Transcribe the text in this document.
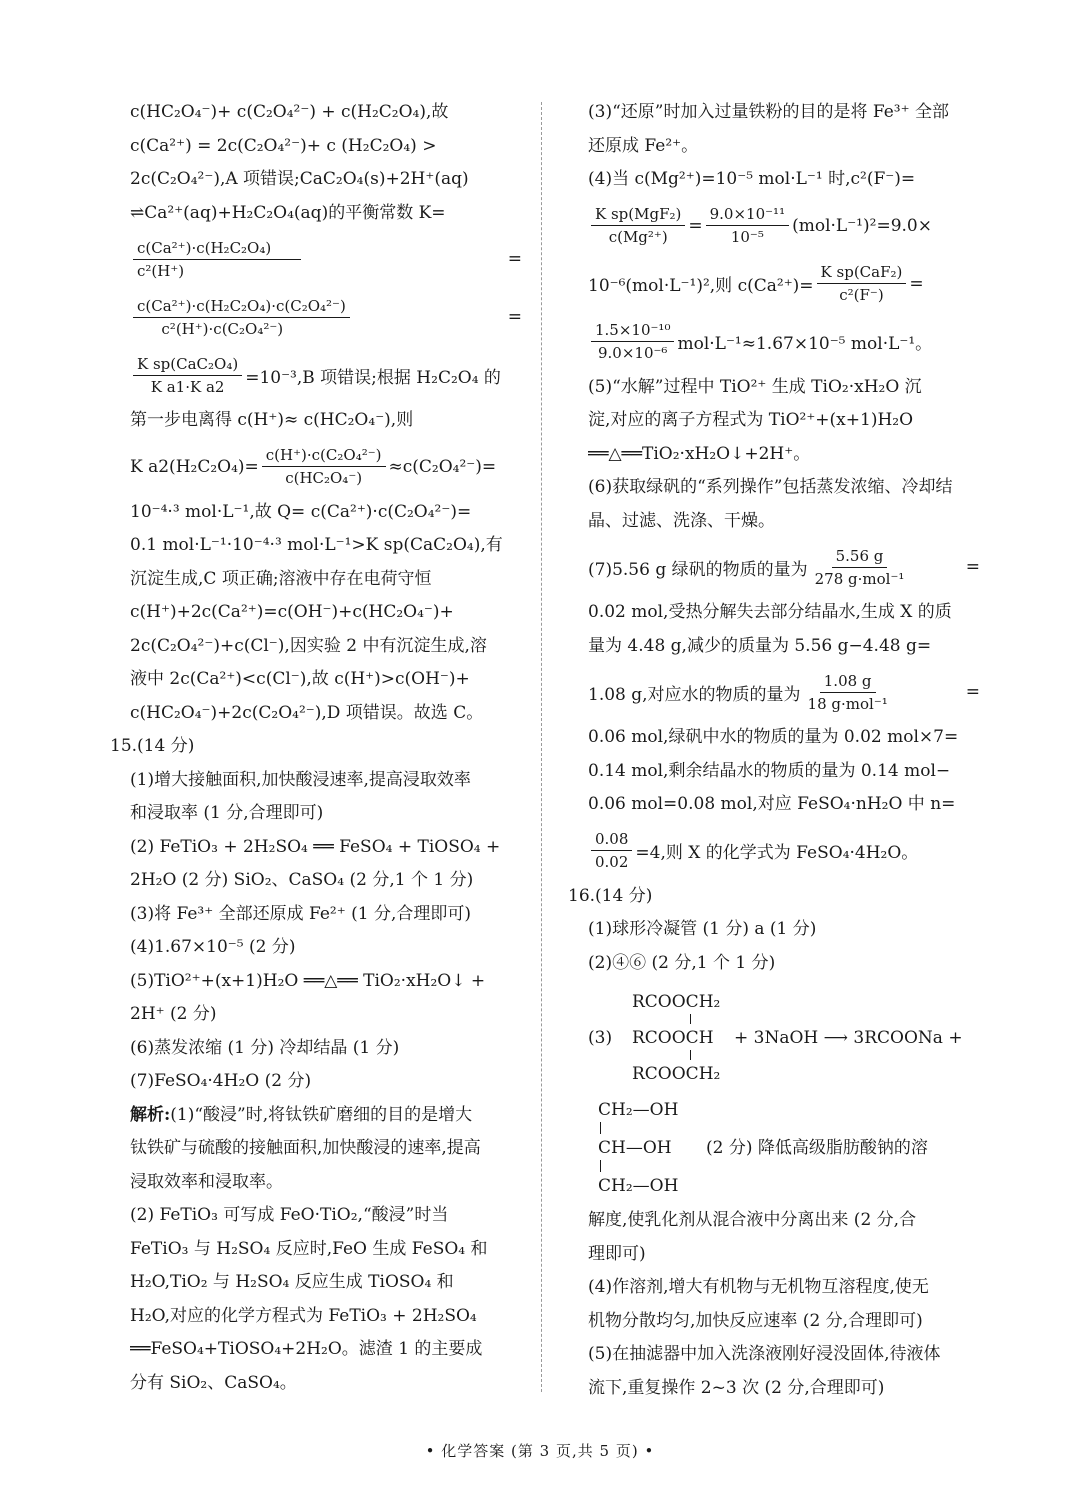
c(HC₂O₄⁻)+ c(C₂O₄²⁻) + c(H₂C₂O₄),故
c(Ca²⁺) = 2c(C₂O₄²⁻)+ c (H₂C₂O₄) >
2c(C₂O₄²⁻),A 项错误;CaC₂O₄(s)+2H⁺(aq)
⇌Ca²⁺(aq)+H₂C₂O₄(aq)的平衡常数 K=
$\frac{\text{c(Ca²⁺)·c(H₂C₂O₄)}}{\text{c²(H⁺)}}$	=
$\frac{\text{c(Ca²⁺)·c(H₂C₂O₄)·c(C₂O₄²⁻)}}{\text{c²(H⁺)·c(C₂O₄²⁻)}}$	=
$\frac{\text{K sp(CaC₂O₄)}}{\text{K a1·K a2}} =10^{-3},B$ 项错误;根据 H₂C₂O₄ 的
第一步电离得 c(H⁺)≈ c(HC₂O₄⁻),则
K $a2(H_2C_2O_4)= \frac{\text{c(H⁺)·c(C₂O₄²⁻)}}{\text{c(HC₂O₄⁻)}} \approx c(C_2O_4^{2-})=$
10⁻⁴·³ mol·L⁻¹,故 Q= c(Ca²⁺)·c(C₂O₄²⁻)=
0.1 mol·L⁻¹·10⁻⁴·³ mol·L⁻¹>K sp(CaC₂O₄),有
沉淀生成,C 项正确;溶液中存在电荷守恒
c(H⁺)+2c(Ca²⁺)=c(OH⁻)+c(HC₂O₄⁻)+
2c(C₂O₄²⁻)+c(Cl⁻),因实验 2 中有沉淀生成,溶
液中 2c(Ca²⁺)<c(Cl⁻),故 c(H⁺)>c(OH⁻)+
c(HC₂O₄⁻)+2c(C₂O₄²⁻),D 项错误。故选 C。
15.(14 分)
(1)增大接触面积,加快酸浸速率,提高浸取效率
和浸取率 (1 分,合理即可)
(2) FeTiO₃ + 2H₂SO₄ ══ FeSO₄ + TiOSO₄ +
2H₂O (2 分) SiO₂、CaSO₄ (2 分,1 个 1 分)
(3)将 Fe³⁺ 全部还原成 Fe²⁺ (1 分,合理即可)
(4)1.67×10⁻⁵ (2 分)
(5)TiO²⁺+(x+1)H₂O ══△══ TiO₂·xH₂O↓ +
2H⁺ (2 分)
(6)蒸发浓缩 (1 分) 冷却结晶 (1 分)
(7)FeSO₄·4H₂O (2 分)
解析:(1)“酸浸”时,将钛铁矿磨细的目的是增大
钛铁矿与硫酸的接触面积,加快酸浸的速率,提高
浸取效率和浸取率。
(2) FeTiO₃ 可写成 FeO·TiO₂,“酸浸”时当
FeTiO₃ 与 H₂SO₄ 反应时,FeO 生成 FeSO₄ 和
H₂O,TiO₂ 与 H₂SO₄ 反应生成 TiOSO₄ 和
H₂O,对应的化学方程式为 FeTiO₃ + 2H₂SO₄
══FeSO₄+TiOSO₄+2H₂O。滤渣 1 的主要成
分有 SiO₂、CaSO₄。
(3)“还原”时加入过量铁粉的目的是将 Fe³⁺ 全部
还原成 Fe²⁺。
(4)当 c(Mg²⁺)=10⁻⁵ mol·L⁻¹ 时,c²(F⁻)=
$\frac{\text{K sp(MgF₂)}}{\text{c(Mg²⁺)}} = \frac{\text{9.0×10⁻¹¹}}{\text{10⁻⁵}} (mol\cdot L^{-1})^2=9.0\times$
10⁻⁶(mol·L⁻¹)²,则 $c(Ca^{2+})= \frac{\text{K sp(CaF₂)}}{\text{c²(F⁻)}}$ =
$\frac{\text{1.5×10⁻¹⁰}}{\text{9.0×10⁻⁶}} mol\cdot L^{-1}\approx 1.67\times 10^{-5}$ mol·L⁻¹。
(5)“水解”过程中 TiO²⁺ 生成 TiO₂·xH₂O 沉
淀,对应的离子方程式为 TiO²⁺+(x+1)H₂O
══△══TiO₂·xH₂O↓+2H⁺。
(6)获取绿矾的“系列操作”包括蒸发浓缩、冷却结
晶、过滤、洗涤、干燥。
(7)5.56 g 绿矾的物质的量为 $\frac{5.56 g}{\text{278 g·mol⁻¹}}$	=
0.02 mol,受热分解失去部分结晶水,生成 X 的质
量为 4.48 g,减少的质量为 5.56 g−4.48 g=
1.08 g,对应水的物质的量为 $\frac{1.08 g}{\text{18 g·mol⁻¹}}$	=
0.06 mol,绿矾中水的物质的量为 0.02 mol×7=
0.14 mol,剩余结晶水的物质的量为 0.14 mol−
0.06 mol=0.08 mol,对应 FeSO₄·nH₂O 中 n=
$\frac{0.08}{0.02} =4$,则 X 的化学式为 FeSO₄·4H₂O。
16.(14 分)
(1)球形冷凝管 (1 分) a (1 分)
(2)④⑥ (2 分,1 个 1 分)
RCOOCH₂
(3) RCOOCH + 3NaOH ⟶ 3RCOONa +
RCOOCH₂
CH₂—OH
CH—OH (2 分) 降低高级脂肪酸钠的溶
CH₂—OH
解度,使乳化剂从混合液中分离出来 (2 分,合
理即可)
(4)作溶剂,增大有机物与无机物互溶程度,使无
机物分散均匀,加快反应速率 (2 分,合理即可)
(5)在抽滤器中加入洗涤液刚好浸没固体,待液体
流下,重复操作 2~3 次 (2 分,合理即可)
• 化学答案 (第 3 页,共 5 页) •
